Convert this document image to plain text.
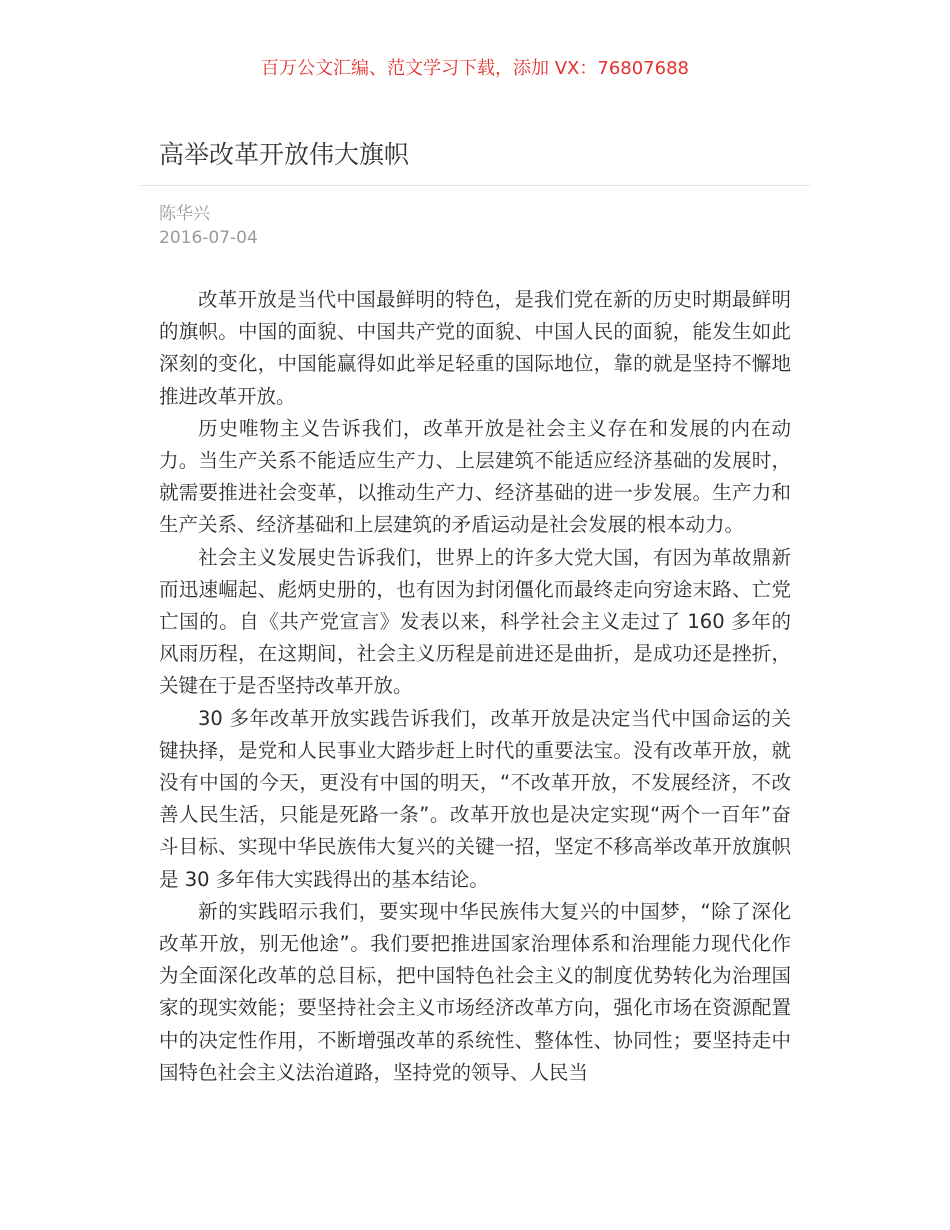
百万公文汇编、范文学习下载，添加 VX：76807688
高举改革开放伟大旗帜
陈华兴
2016-07-04

改革开放是当代中国最鲜明的特色，是我们党在新的历史时期最鲜明的旗帜。中国的面貌、中国共产党的面貌、中国人民的面貌，能发生如此深刻的变化，中国能赢得如此举足轻重的国际地位，靠的就是坚持不懈地推进改革开放。

历史唯物主义告诉我们，改革开放是社会主义存在和发展的内在动力。当生产关系不能适应生产力、上层建筑不能适应经济基础的发展时，就需要推进社会变革，以推动生产力、经济基础的进一步发展。生产力和生产关系、经济基础和上层建筑的矛盾运动是社会发展的根本动力。

社会主义发展史告诉我们，世界上的许多大党大国，有因为革故鼎新而迅速崛起、彪炳史册的，也有因为封闭僵化而最终走向穷途末路、亡党亡国的。自《共产党宣言》发表以来，科学社会主义走过了 160 多年的风雨历程，在这期间，社会主义历程是前进还是曲折，是成功还是挫折，关键在于是否坚持改革开放。

30 多年改革开放实践告诉我们，改革开放是决定当代中国命运的关键抉择，是党和人民事业大踏步赶上时代的重要法宝。没有改革开放，就没有中国的今天，更没有中国的明天，“不改革开放，不发展经济，不改善人民生活，只能是死路一条”。改革开放也是决定实现“两个一百年”奋斗目标、实现中华民族伟大复兴的关键一招，坚定不移高举改革开放旗帜是 30 多年伟大实践得出的基本结论。

新的实践昭示我们，要实现中华民族伟大复兴的中国梦，“除了深化改革开放，别无他途”。我们要把推进国家治理体系和治理能力现代化作为全面深化改革的总目标，把中国特色社会主义的制度优势转化为治理国家的现实效能；要坚持社会主义市场经济改革方向，强化市场在资源配置中的决定性作用，不断增强改革的系统性、整体性、协同性；要坚持走中国特色社会主义法治道路，坚持党的领导、人民当
